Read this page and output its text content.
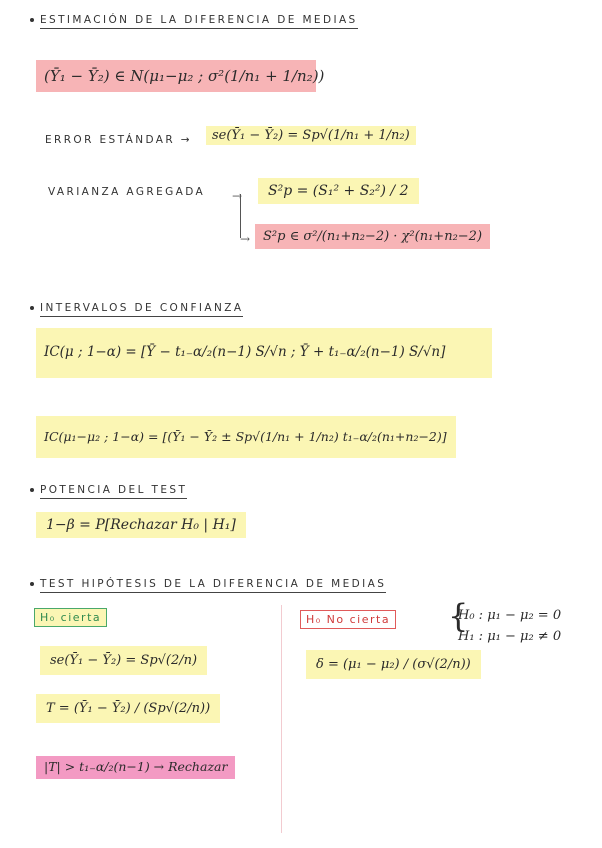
ESTIMACIÓN DE LA DIFERENCIA DE MEDIAS
(Ȳ₁ − Ȳ₂) ∈ N(μ₁−μ₂ ; σ²(1/n₁ + 1/n₂))
ERROR ESTÁNDAR →	se(Ȳ₁ − Ȳ₂) = Sp√(1/n₁ + 1/n₂)
VARIANZA AGREGADA →
→
S²p = (S₁² + S₂²) / 2
S²p ∈ σ²/(n₁+n₂−2) · χ²(n₁+n₂−2)
INTERVALOS DE CONFIANZA
IC(μ ; 1−α) = [Ȳ − t₁₋α/₂(n−1) S/√n ; Ȳ + t₁₋α/₂(n−1) S/√n]
IC(μ₁−μ₂ ; 1−α) = [(Ȳ₁ − Ȳ₂ ± Sp√(1/n₁ + 1/n₂) t₁₋α/₂(n₁+n₂−2)]
POTENCIA DEL TEST
1−β = P[Rechazar H₀ | H₁]
TEST HIPÓTESIS DE LA DIFERENCIA DE MEDIAS
H₀ cierta
se(Ȳ₁ − Ȳ₂) = Sp√(2/n)
T = (Ȳ₁ − Ȳ₂) / (Sp√(2/n))
|T| > t₁₋α/₂(n−1) → Rechazar
H₀ No cierta
δ = (μ₁ − μ₂) / (σ√(2/n))
{
H₀ : μ₁ − μ₂ = 0
H₁ : μ₁ − μ₂ ≠ 0
